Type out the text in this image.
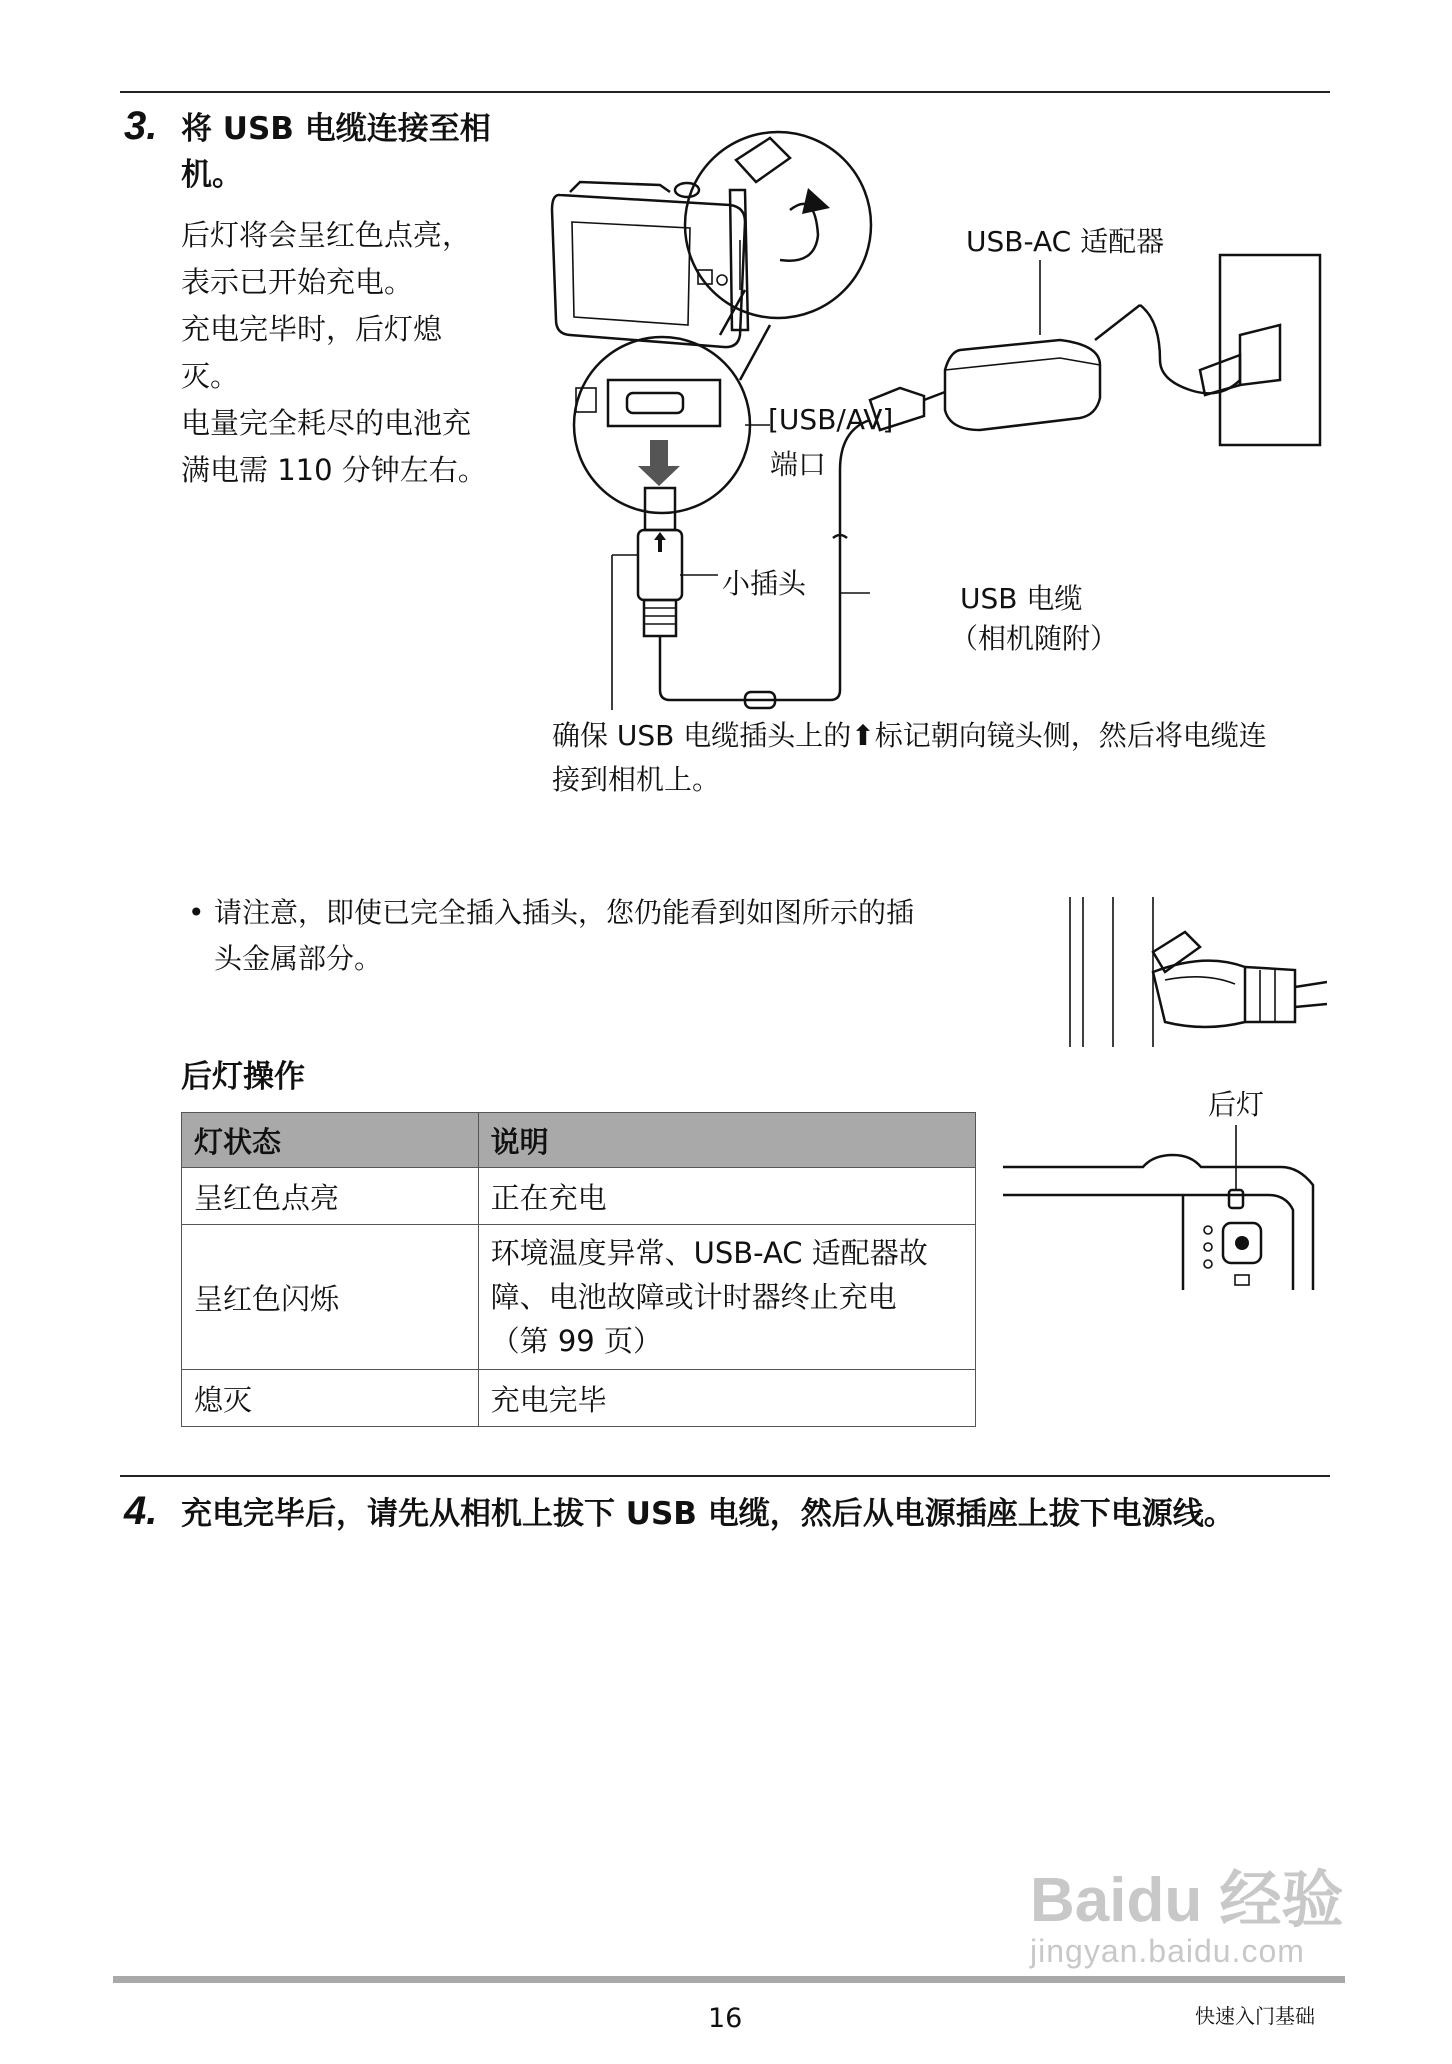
3. 将 USB 电缆连接至相
机。
后灯将会呈红色点亮，
表示已开始充电。
充电完毕时，后灯熄
灭。
电量完全耗尽的电池充
满电需 110 分钟左右。
USB-AC 适配器
[USB/AV]
端口
小插头	USB 电缆
（相机随附）
确保 USB 电缆插头上的⬆标记朝向镜头侧，然后将电缆连
接到相机上。
• 请注意，即使已完全插入插头，您仍能看到如图所示的插
头金属部分。
后灯操作
后灯
灯状态	说明
呈红色点亮	正在充电
呈红色闪烁	环境温度异常、USB-AC 适配器故
障、电池故障或计时器终止充电
（第 99 页）

熄灭	充电完毕
4. 充电完毕后，请先从相机上拔下 USB 电缆，然后从电源插座上拔下电源线。
Baidu 经验
jingyan.baidu.com
16	快速入门基础
